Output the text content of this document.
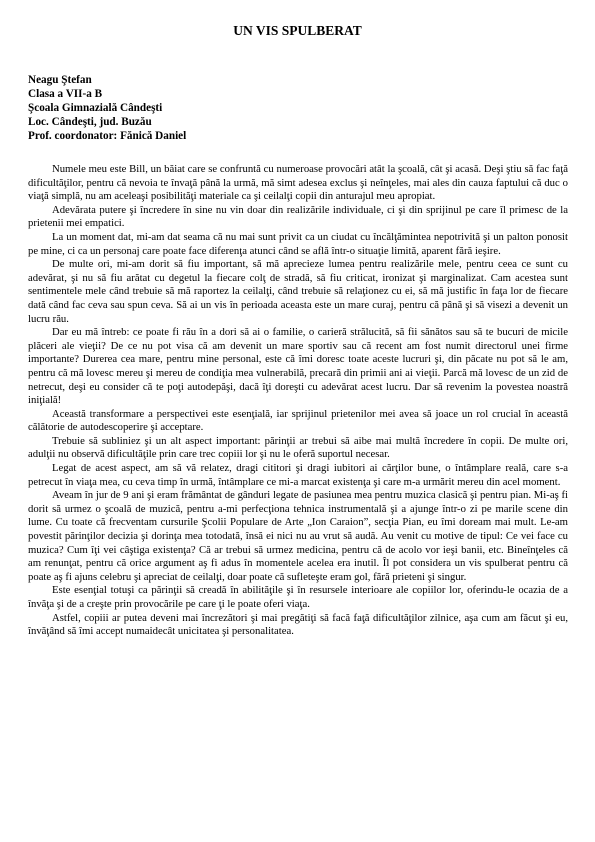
UN VIS SPULBERAT
Neagu Ştefan
Clasa a VII-a B
Şcoala Gimnazială Cândeşti
Loc. Cândeşti, jud. Buzău
Prof. coordonator: Fănică Daniel

Numele meu este Bill, un băiat care se confruntă cu numeroase provocări atât la şcoală, cât şi acasă. Deşi ştiu să fac faţă dificultăţilor, pentru că nevoia te învaţă până la urmă, mă simt adesea exclus şi neînţeles, mai ales din cauza faptului că duc o viaţă simplă, nu am aceleaşi posibilităţi materiale ca şi ceilalţi copii din anturajul meu apropiat.

Adevărata putere şi încredere în sine nu vin doar din realizările individuale, ci şi din sprijinul pe care îl primesc de la prietenii mei empatici.

La un moment dat, mi-am dat seama că nu mai sunt privit ca un ciudat cu încălţămintea nepotrivită şi un palton ponosit pe mine, ci ca un personaj care poate face diferenţa atunci când se află într-o situaţie limită, aparent fără ieşire.

De multe ori, mi-am dorit să fiu important, să mă aprecieze lumea pentru realizările mele, pentru ceea ce sunt cu adevărat, şi nu să fiu arătat cu degetul la fiecare colţ de stradă, să fiu criticat, ironizat şi marginalizat. Cam acestea sunt sentimentele mele când trebuie să mă raportez la ceilalţi, când trebuie să relaţionez cu ei, să mă justific în faţa lor de fiecare dată când fac ceva sau spun ceva. Să ai un vis în perioada aceasta este un mare curaj, pentru că până şi să visezi a devenit un lucru rău.

Dar eu mă întreb: ce poate fi rău în a dori să ai o familie, o carieră strălucită, să fii sănătos sau să te bucuri de micile plăceri ale vieţii? De ce nu pot visa că am devenit un mare sportiv sau că recent am fost numit directorul unei firme importante? Durerea cea mare, pentru mine personal, este că îmi doresc toate aceste lucruri şi, din păcate nu pot să le am, pentru că mă lovesc mereu şi mereu de condiţia mea vulnerabilă, precară din primii ani ai vieţii. Parcă mă lovesc de un zid de netrecut, deşi eu consider că te poţi autodepăşi, dacă îţi doreşti cu adevărat acest lucru. Dar să revenim la povestea noastră iniţială!

Această transformare a perspectivei este esenţială, iar sprijinul prietenilor mei avea să joace un rol crucial în această călătorie de autodescoperire şi acceptare.

Trebuie să subliniez şi un alt aspect important: părinţii ar trebui să aibe mai multă încredere în copii. De multe ori, adulţii nu observă dificultăţile prin care trec copiii lor şi nu le oferă suportul necesar.

Legat de acest aspect, am să vă relatez, dragi cititori şi dragi iubitori ai cărţilor bune, o întâmplare reală, care s-a petrecut în viaţa mea, cu ceva timp în urmă, întâmplare ce mi-a marcat existenţa şi care m-a urmărit mereu din acel moment.

Aveam în jur de 9 ani şi eram frământat de gânduri legate de pasiunea mea pentru muzica clasică şi pentru pian. Mi-aş fi dorit să urmez o şcoală de muzică, pentru a-mi perfecţiona tehnica instrumentală şi a ajunge într-o zi pe marile scene din lume. Cu toate că frecventam cursurile Şcolii Populare de Arte „Ion Caraion”, secţia Pian, eu îmi doream mai mult. Le-am povestit părinţilor decizia şi dorinţa mea totodată, însă ei nici nu au vrut să audă. Au venit cu motive de tipul: Ce vei face cu muzica? Cum îţi vei câştiga existenţa? Că ar trebui să urmez medicina, pentru că de acolo vor ieşi banii, etc. Bineînţeles că am renunţat, pentru că orice argument aş fi adus în momentele acelea era inutil. Îl pot considera un vis spulberat pentru că poate aş fi ajuns celebru şi apreciat de ceilalţi, doar poate că sufleteşte eram gol, fără prieteni şi singur.

Este esenţial totuşi ca părinţii să creadă în abilităţile şi în resursele interioare ale copiilor lor, oferindu-le ocazia de a învăţa şi de a creşte prin provocările pe care ţi le poate oferi viaţa.

Astfel, copiii ar putea deveni mai încrezători şi mai pregătiţi să facă faţă dificultăţilor zilnice, aşa cum am făcut şi eu, învăţând să îmi accept numaidecât unicitatea şi personalitatea.
